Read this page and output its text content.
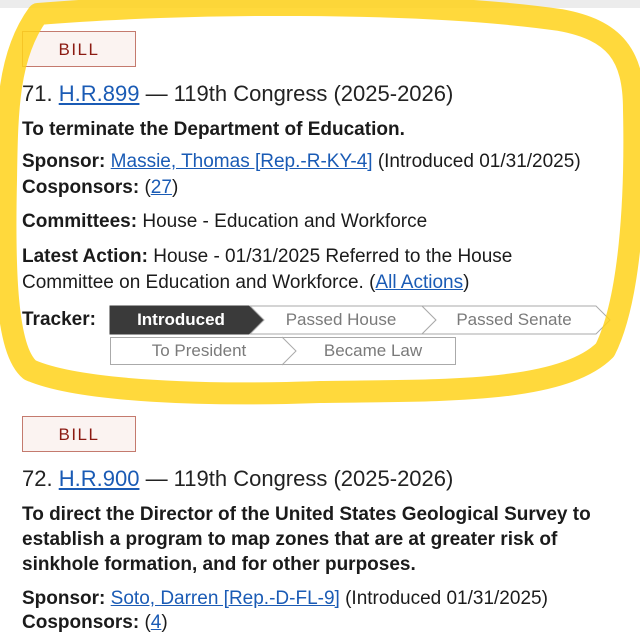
BILL
71. H.R.899 — 119th Congress (2025-2026)
To terminate the Department of Education.
Sponsor: Massie, Thomas [Rep.-R-KY-4] (Introduced 01/31/2025)
Cosponsors: (27)
Committees: House - Education and Workforce
Latest Action: House - 01/31/2025 Referred to the House Committee on Education and Workforce. (All Actions)
Tracker:	Introduced	Passed House	Passed Senate
To President	Became Law
BILL
72. H.R.900 — 119th Congress (2025-2026)
To direct the Director of the United States Geological Survey to establish a program to map zones that are at greater risk of sinkhole formation, and for other purposes.
Sponsor: Soto, Darren [Rep.-D-FL-9] (Introduced 01/31/2025)
Cosponsors: (4)
